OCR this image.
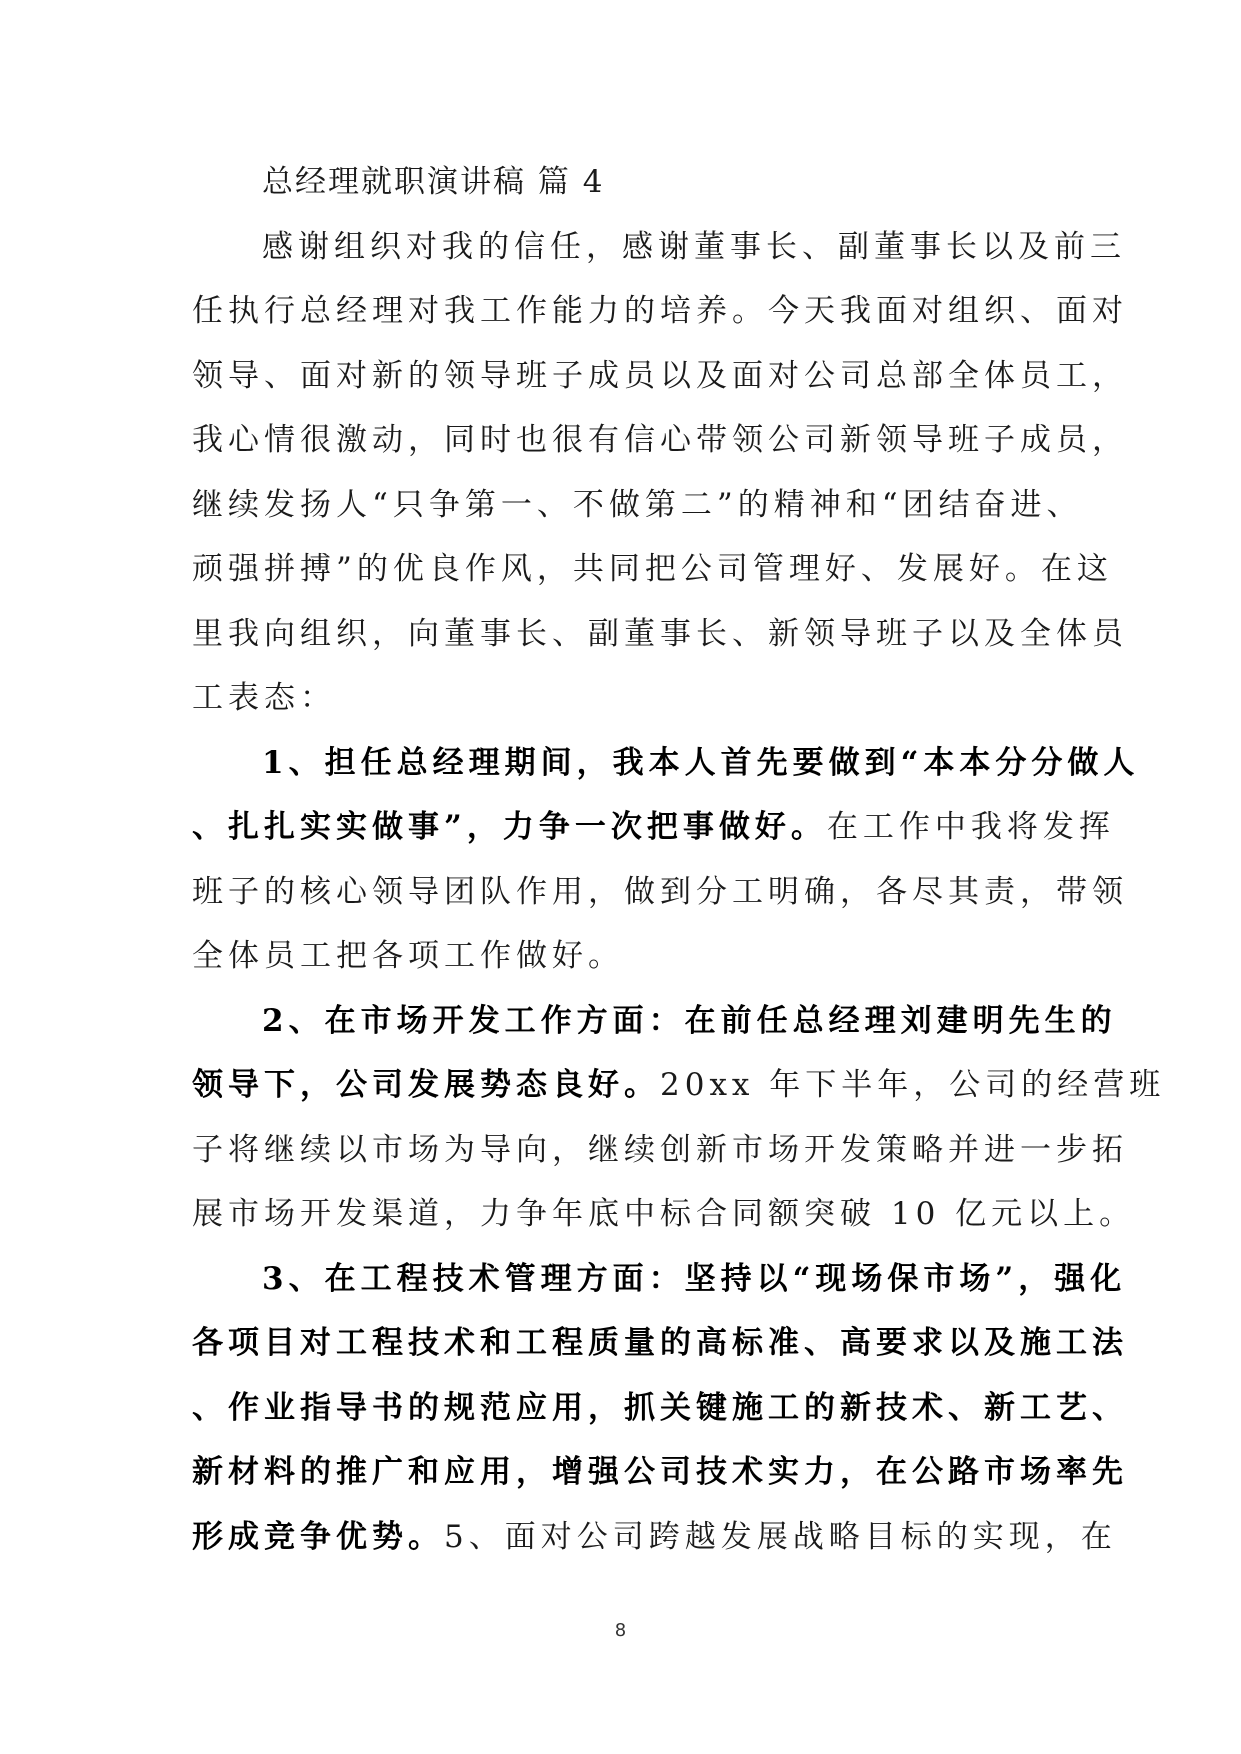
总经理就职演讲稿 篇 4
感谢组织对我的信任，感谢董事长、副董事长以及前三
任执行总经理对我工作能力的培养。今天我面对组织、面对
领导、面对新的领导班子成员以及面对公司总部全体员工，
我心情很激动，同时也很有信心带领公司新领导班子成员，
继续发扬人“只争第一、不做第二”的精神和“团结奋进、
顽强拼搏”的优良作风，共同把公司管理好、发展好。在这
里我向组织，向董事长、副董事长、新领导班子以及全体员
工表态：
1、担任总经理期间，我本人首先要做到“本本分分做人
、扎扎实实做事”，力争一次把事做好。在工作中我将发挥
班子的核心领导团队作用，做到分工明确，各尽其责，带领
全体员工把各项工作做好。
2、在市场开发工作方面：在前任总经理刘建明先生的
领导下，公司发展势态良好。20xx 年下半年，公司的经营班
子将继续以市场为导向，继续创新市场开发策略并进一步拓
展市场开发渠道，力争年底中标合同额突破 10 亿元以上。
3、在工程技术管理方面：坚持以“现场保市场”，强化
各项目对工程技术和工程质量的高标准、高要求以及施工法
、作业指导书的规范应用，抓关键施工的新技术、新工艺、
新材料的推广和应用，增强公司技术实力，在公路市场率先
形成竞争优势。5、面对公司跨越发展战略目标的实现，在
8
